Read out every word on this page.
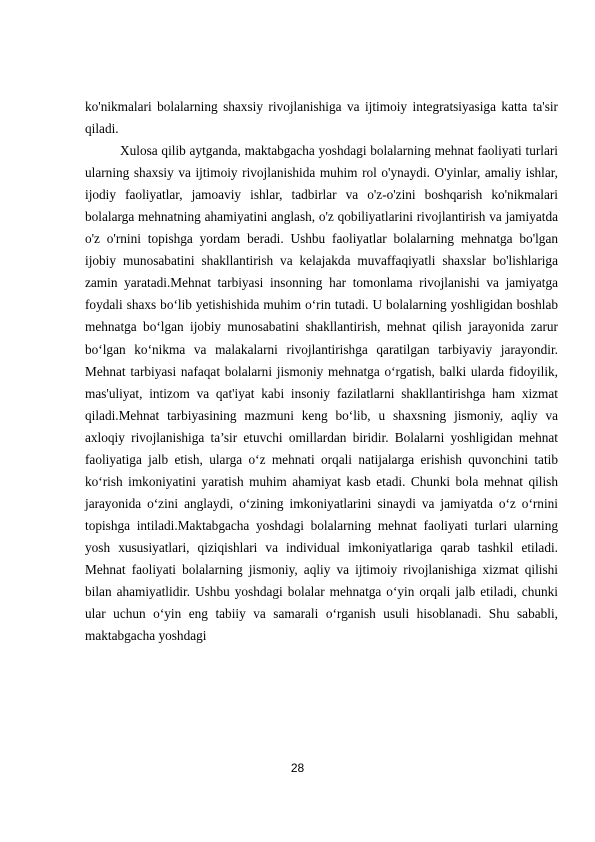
ko'nikmalari bolalarning shaxsiy rivojlanishiga va ijtimoiy integratsiyasiga katta ta'sir qiladi.

Xulosa qilib aytganda, maktabgacha yoshdagi bolalarning mehnat faoliyati turlari ularning shaxsiy va ijtimoiy rivojlanishida muhim rol o'ynaydi. O'yinlar, amaliy ishlar, ijodiy faoliyatlar, jamoaviy ishlar, tadbirlar va o'z-o'zini boshqarish ko'nikmalari bolalarga mehnatning ahamiyatini anglash, o'z qobiliyatlarini rivojlantirish va jamiyatda o'z o'rnini topishga yordam beradi. Ushbu faoliyatlar bolalarning mehnatga bo'lgan ijobiy munosabatini shakllantirish va kelajakda muvaffaqiyatli shaxslar bo'lishlariga zamin yaratadi.Mehnat tarbiyasi insonning har tomonlama rivojlanishi va jamiyatga foydali shaxs bo‘lib yetishishida muhim o‘rin tutadi. U bolalarning yoshligidan boshlab mehnatga bo‘lgan ijobiy munosabatini shakllantirish, mehnat qilish jarayonida zarur bo‘lgan ko‘nikma va malakalarni rivojlantirishga qaratilgan tarbiyaviy jarayondir. Mehnat tarbiyasi nafaqat bolalarni jismoniy mehnatga o‘rgatish, balki ularda fidoyilik, mas'uliyat, intizom va qat'iyat kabi insoniy fazilatlarni shakllantirishga ham xizmat qiladi.Mehnat tarbiyasining mazmuni keng bo‘lib, u shaxsning jismoniy, aqliy va axloqiy rivojlanishiga ta’sir etuvchi omillardan biridir. Bolalarni yoshligidan mehnat faoliyatiga jalb etish, ularga o‘z mehnati orqali natijalarga erishish quvonchini tatib ko‘rish imkoniyatini yaratish muhim ahamiyat kasb etadi. Chunki bola mehnat qilish jarayonida o‘zini anglaydi, o‘zining imkoniyatlarini sinaydi va jamiyatda o‘z o‘rnini topishga intiladi.Maktabgacha yoshdagi bolalarning mehnat faoliyati turlari ularning yosh xususiyatlari, qiziqishlari va individual imkoniyatlariga qarab tashkil etiladi. Mehnat faoliyati bolalarning jismoniy, aqliy va ijtimoiy rivojlanishiga xizmat qilishi bilan ahamiyatlidir. Ushbu yoshdagi bolalar mehnatga o‘yin orqali jalb etiladi, chunki ular uchun o‘yin eng tabiiy va samarali o‘rganish usuli hisoblanadi. Shu sababli, maktabgacha yoshdagi

28
